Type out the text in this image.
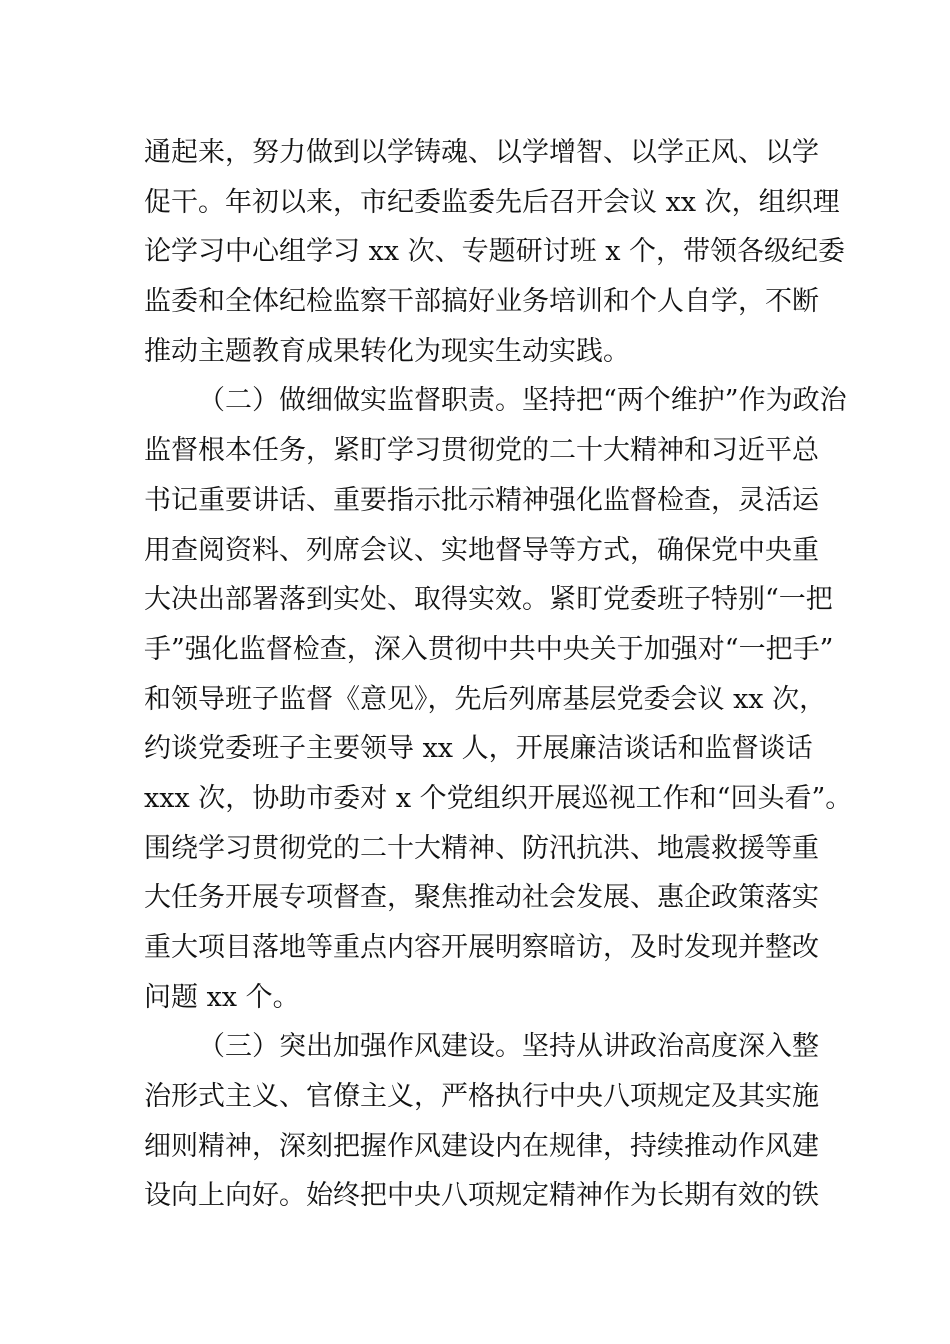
通起来，努力做到以学铸魂、以学增智、以学正风、以学
促干。年初以来，市纪委监委先后召开会议 xx 次，组织理
论学习中心组学习 xx 次、专题研讨班 x 个，带领各级纪委
监委和全体纪检监察干部搞好业务培训和个人自学，不断
推动主题教育成果转化为现实生动实践。
（二）做细做实监督职责。坚持把“两个维护”作为政治
监督根本任务，紧盯学习贯彻党的二十大精神和习近平总
书记重要讲话、重要指示批示精神强化监督检查，灵活运
用查阅资料、列席会议、实地督导等方式，确保党中央重
大决出部署落到实处、取得实效。紧盯党委班子特别“一把
手”强化监督检查，深入贯彻中共中央关于加强对“一把手”
和领导班子监督《意见》，先后列席基层党委会议 xx 次，
约谈党委班子主要领导 xx 人，开展廉洁谈话和监督谈话
xxx 次，协助市委对 x 个党组织开展巡视工作和“回头看”。
围绕学习贯彻党的二十大精神、防汛抗洪、地震救援等重
大任务开展专项督查，聚焦推动社会发展、惠企政策落实
重大项目落地等重点内容开展明察暗访，及时发现并整改
问题 xx 个。
（三）突出加强作风建设。坚持从讲政治高度深入整
治形式主义、官僚主义，严格执行中央八项规定及其实施
细则精神，深刻把握作风建设内在规律，持续推动作风建
设向上向好。始终把中央八项规定精神作为长期有效的铁
